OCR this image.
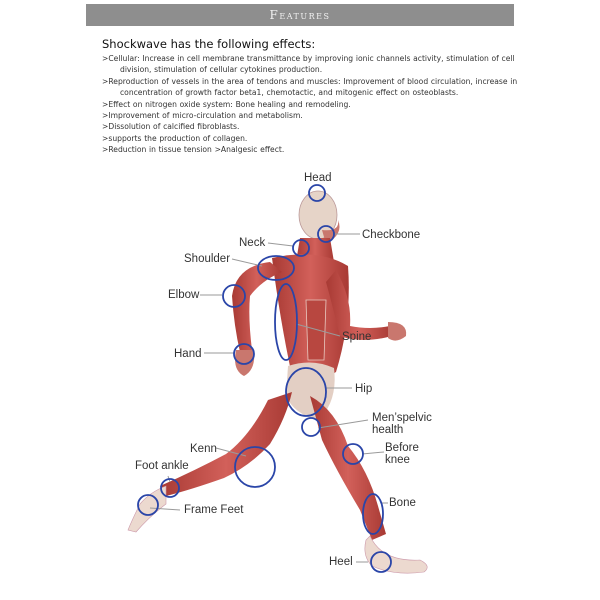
Features
Shockwave has the following effects:
>Cellular: Increase in cell membrane transmittance by improving ionic channels activity, stimulation of cell division, stimulation of cellular cytokines production.
>Reproduction of vessels in the area of tendons and muscles: Improvement of blood circulation, increase in concentration of growth factor beta1, chemotactic, and mitogenic effect on osteoblasts.
>Effect on nitrogen oxide system: Bone healing and remodeling.
>Improvement of micro-circulation and metabolism.
>Dissolution of calcified fibroblasts.
>supports the production of collagen.
>Reduction in tissue tension >Analgesic effect.
Head
Checkbone
Neck
Shoulder
Elbow
Spine
Hand
Hip
Men’spelvic
health
Before
knee
Kenn
Foot ankle
Frame Feet
Bone
Heel
